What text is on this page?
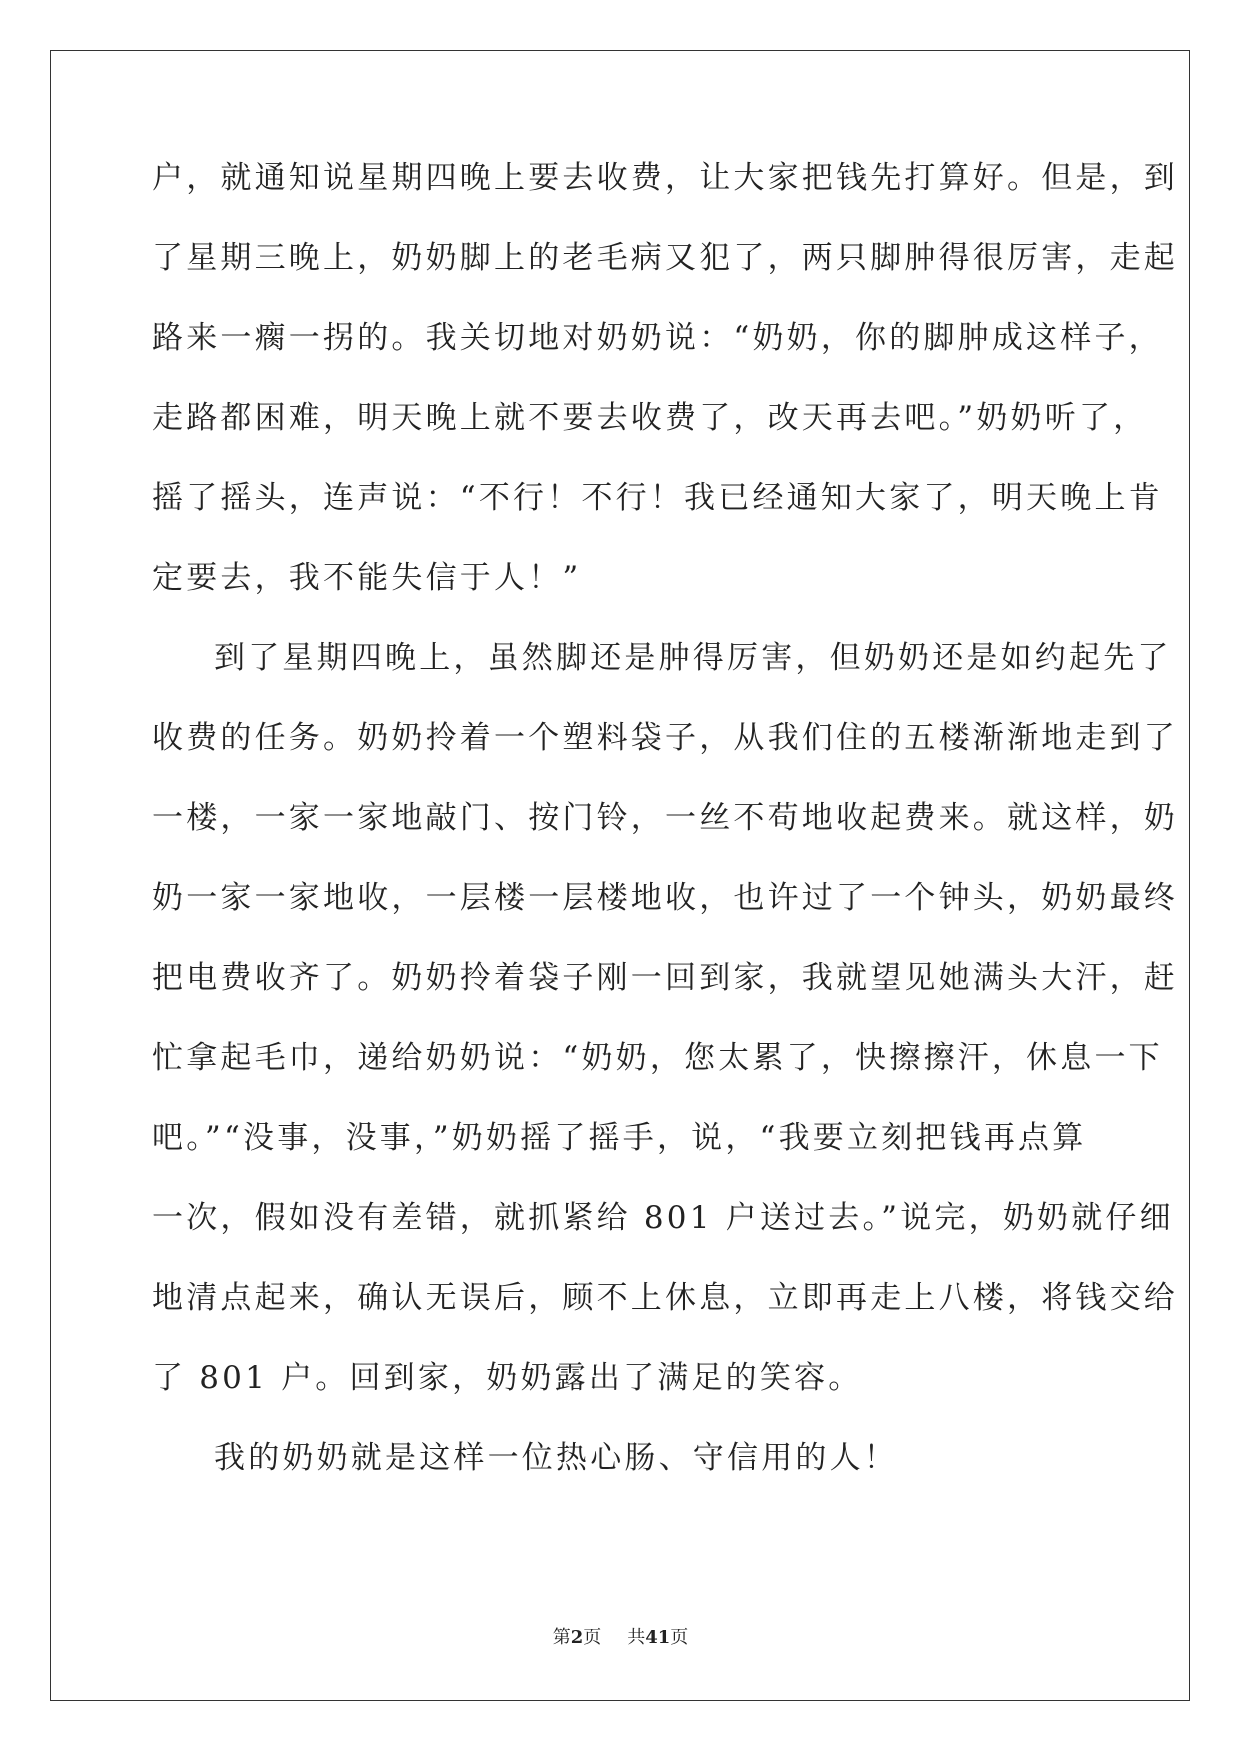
户，就通知说星期四晚上要去收费，让大家把钱先打算好。但是，到
了星期三晚上，奶奶脚上的老毛病又犯了，两只脚肿得很厉害，走起
路来一瘸一拐的。我关切地对奶奶说：“奶奶，你的脚肿成这样子，
走路都困难，明天晚上就不要去收费了，改天再去吧。”奶奶听了，
摇了摇头，连声说：“不行！不行！我已经通知大家了，明天晚上肯
定要去，我不能失信于人！”
到了星期四晚上，虽然脚还是肿得厉害，但奶奶还是如约起先了
收费的任务。奶奶拎着一个塑料袋子，从我们住的五楼渐渐地走到了
一楼，一家一家地敲门、按门铃，一丝不苟地收起费来。就这样，奶
奶一家一家地收，一层楼一层楼地收，也许过了一个钟头，奶奶最终
把电费收齐了。奶奶拎着袋子刚一回到家，我就望见她满头大汗，赶
忙拿起毛巾，递给奶奶说：“奶奶，您太累了，快擦擦汗，休息一下
吧。”“没事，没事，”奶奶摇了摇手，说，“我要立刻把钱再点算
一次，假如没有差错，就抓紧给 801 户送过去。”说完，奶奶就仔细
地清点起来，确认无误后，顾不上休息，立即再走上八楼，将钱交给
了 801 户。回到家，奶奶露出了满足的笑容。
我的奶奶就是这样一位热心肠、守信用的人！
第2页 共41页
